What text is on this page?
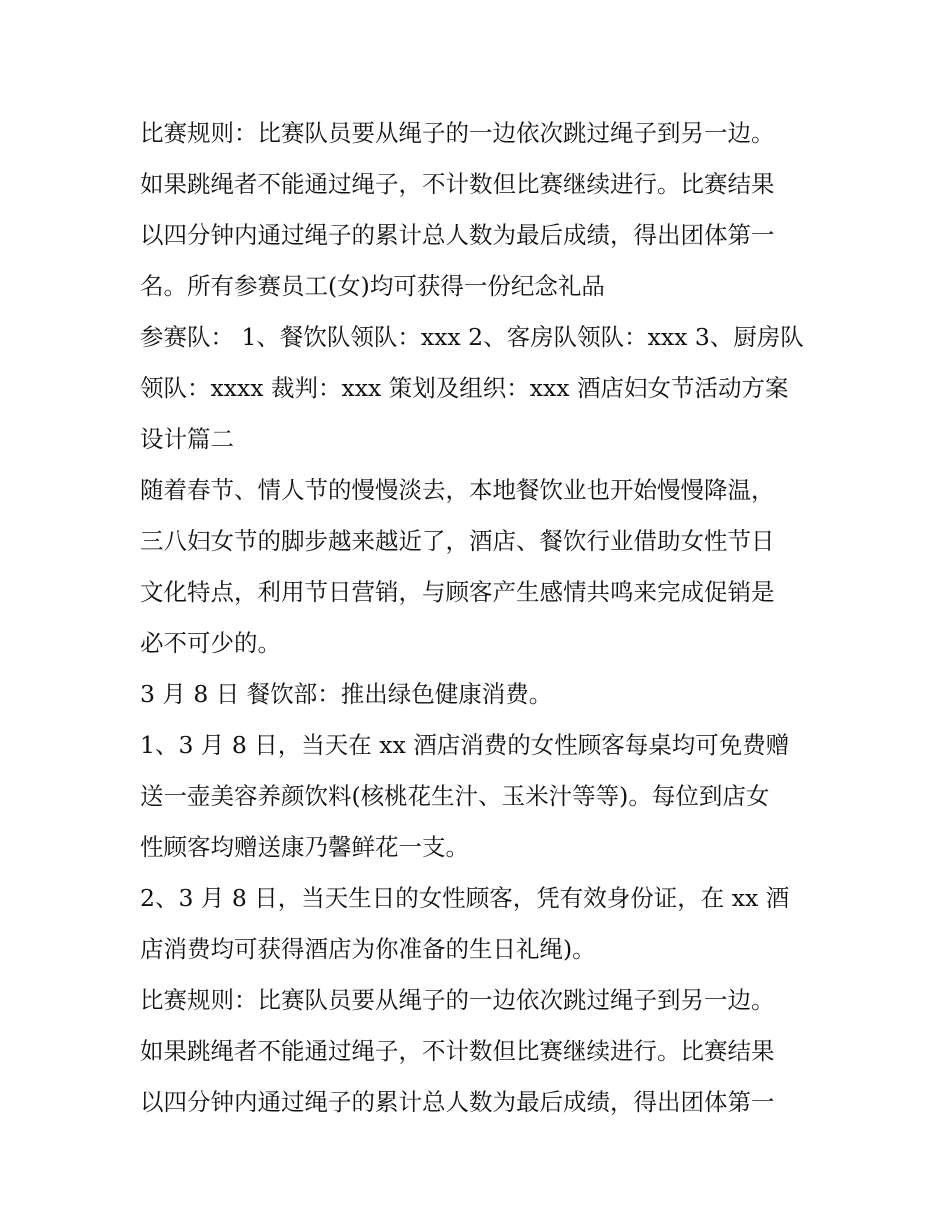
比赛规则：比赛队员要从绳子的一边依次跳过绳子到另一边。
如果跳绳者不能通过绳子，不计数但比赛继续进行。比赛结果
以四分钟内通过绳子的累计总人数为最后成绩，得出团体第一
名。所有参赛员工(女)均可获得一份纪念礼品
参赛队： 1、餐饮队领队：xxx 2、客房队领队：xxx 3、厨房队
领队：xxxx 裁判：xxx 策划及组织：xxx 酒店妇女节活动方案
设计篇二
随着春节、情人节的慢慢淡去，本地餐饮业也开始慢慢降温，
三八妇女节的脚步越来越近了，酒店、餐饮行业借助女性节日
文化特点，利用节日营销，与顾客产生感情共鸣来完成促销是
必不可少的。
3 月 8 日 餐饮部：推出绿色健康消费。
1、3 月 8 日，当天在 xx 酒店消费的女性顾客每桌均可免费赠
送一壶美容养颜饮料(核桃花生汁、玉米汁等等)。每位到店女
性顾客均赠送康乃馨鲜花一支。
2、3 月 8 日，当天生日的女性顾客，凭有效身份证，在 xx 酒
店消费均可获得酒店为你准备的生日礼绳)。
比赛规则：比赛队员要从绳子的一边依次跳过绳子到另一边。
如果跳绳者不能通过绳子，不计数但比赛继续进行。比赛结果
以四分钟内通过绳子的累计总人数为最后成绩，得出团体第一
